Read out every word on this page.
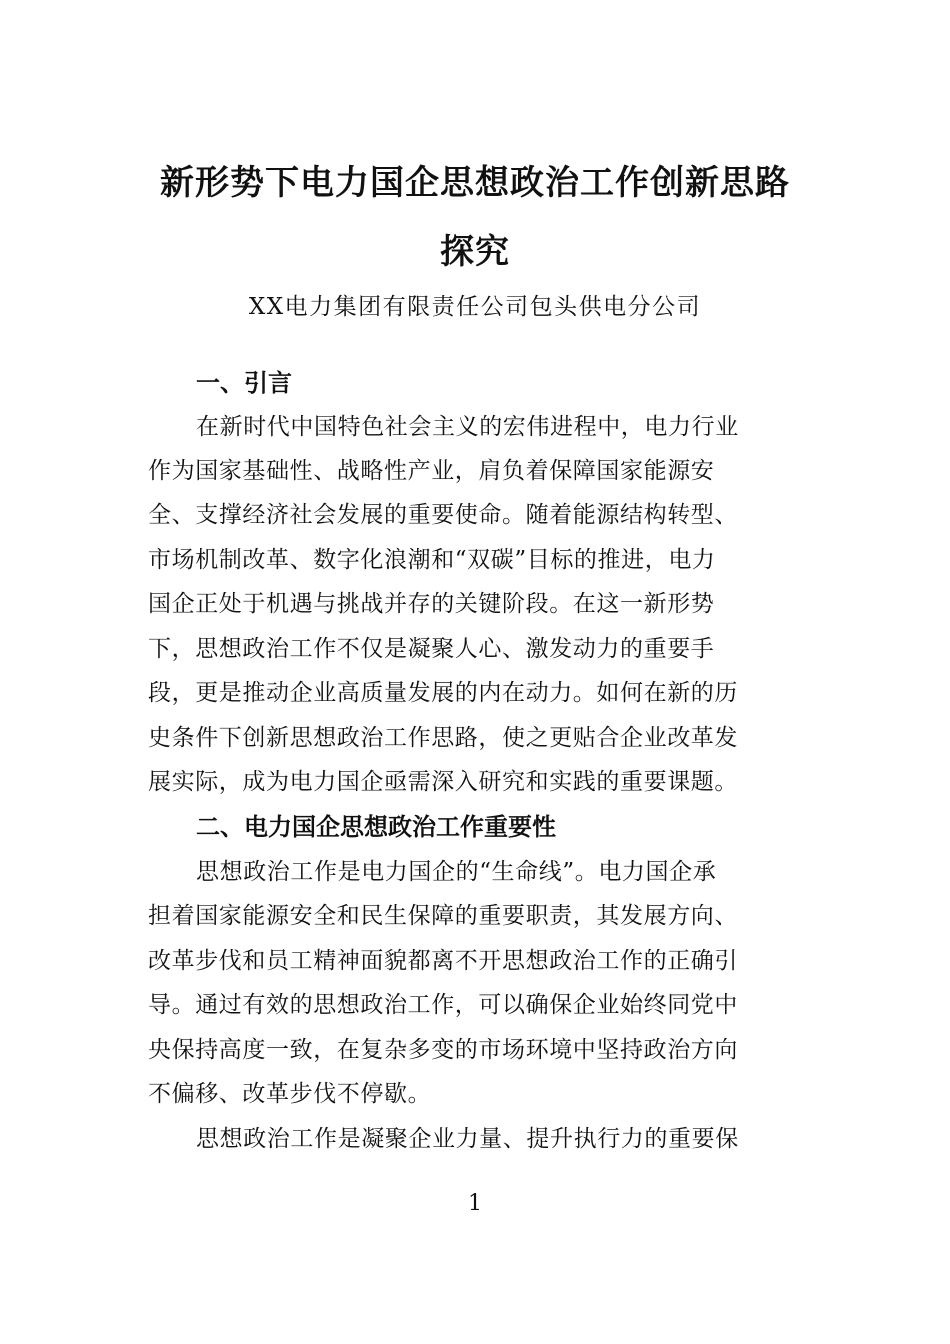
新形势下电力国企思想政治工作创新思路
探究
XX电力集团有限责任公司包头供电分公司
一、引言
在新时代中国特色社会主义的宏伟进程中，电力行业
作为国家基础性、战略性产业，肩负着保障国家能源安
全、支撑经济社会发展的重要使命。随着能源结构转型、
市场机制改革、数字化浪潮和“双碳”目标的推进，电力
国企正处于机遇与挑战并存的关键阶段。在这一新形势
下，思想政治工作不仅是凝聚人心、激发动力的重要手
段，更是推动企业高质量发展的内在动力。如何在新的历
史条件下创新思想政治工作思路，使之更贴合企业改革发
展实际，成为电力国企亟需深入研究和实践的重要课题。
二、电力国企思想政治工作重要性
思想政治工作是电力国企的“生命线”。电力国企承
担着国家能源安全和民生保障的重要职责，其发展方向、
改革步伐和员工精神面貌都离不开思想政治工作的正确引
导。通过有效的思想政治工作，可以确保企业始终同党中
央保持高度一致，在复杂多变的市场环境中坚持政治方向
不偏移、改革步伐不停歇。
思想政治工作是凝聚企业力量、提升执行力的重要保
1
